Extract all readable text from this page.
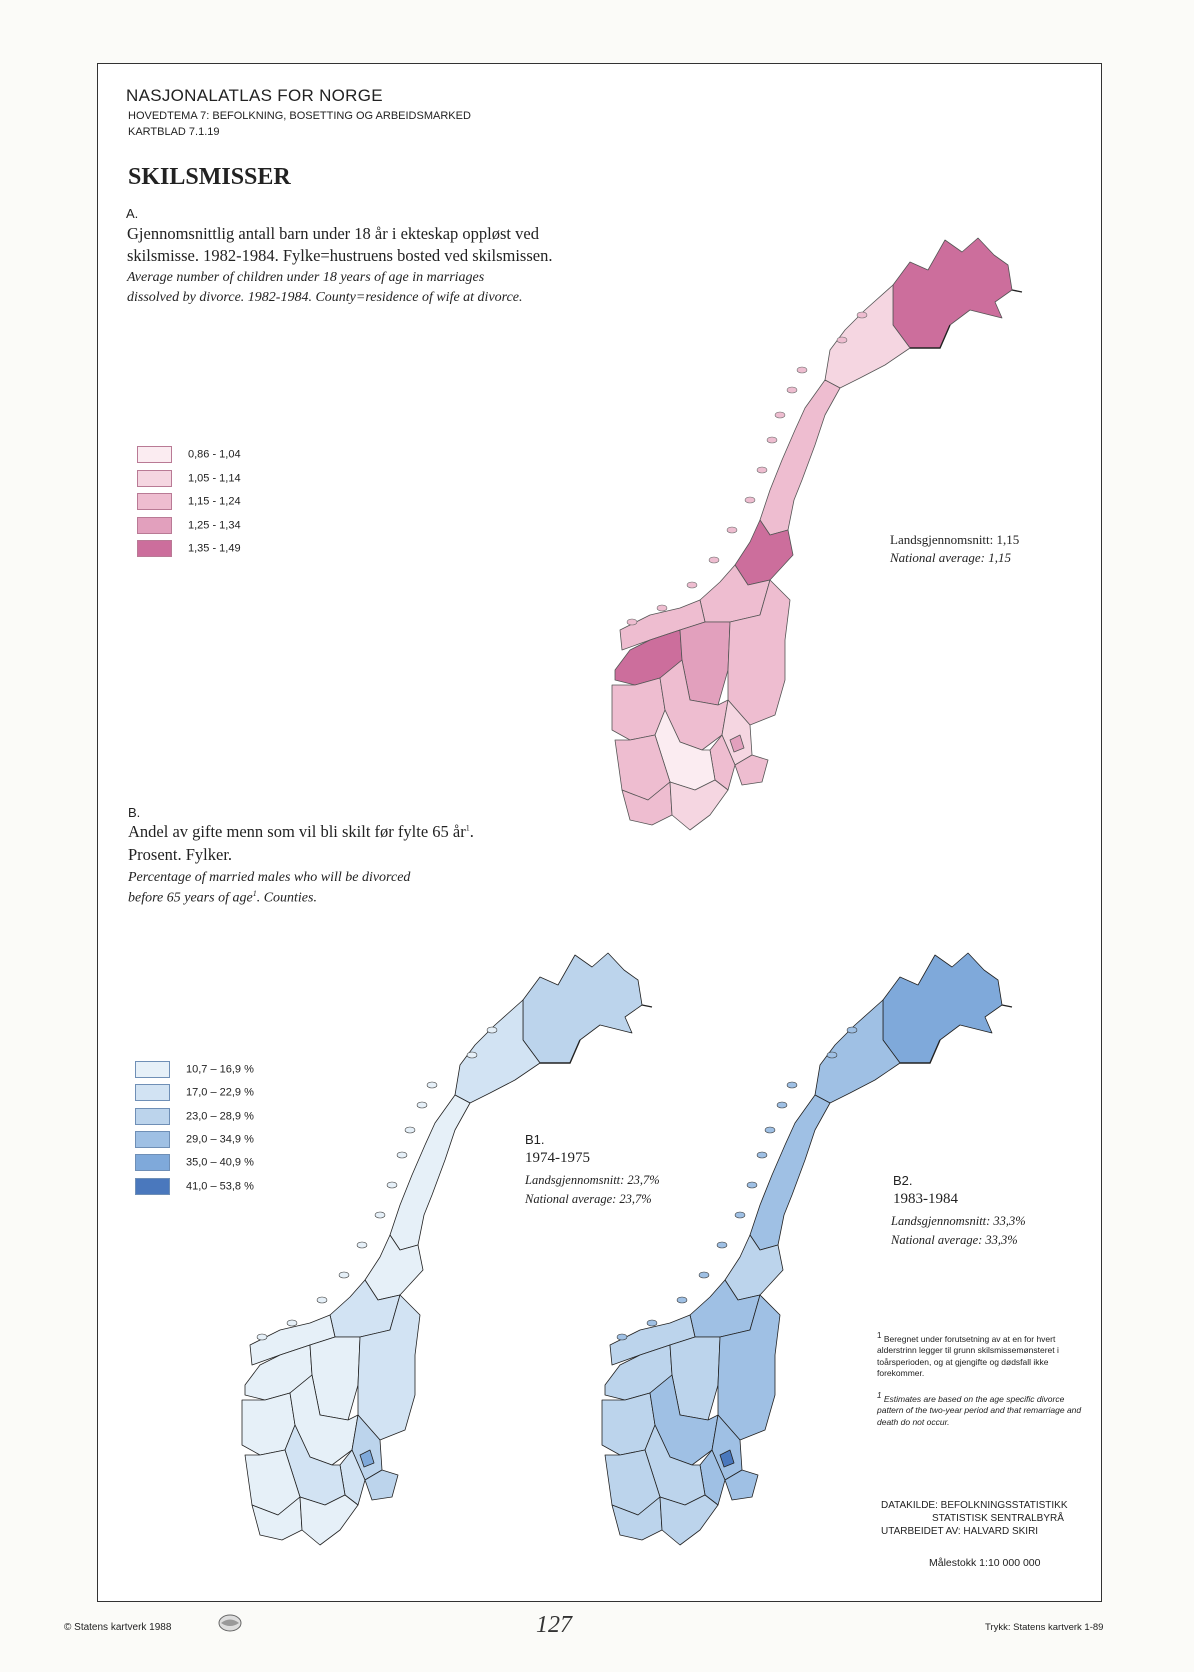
NASJONALATLAS FOR NORGE
HOVEDTEMA 7: BEFOLKNING, BOSETTING OG ARBEIDSMARKED
KARTBLAD 7.1.19
SKILSMISSER
A.
Gjennomsnittlig antall barn under 18 år i ekteskap oppløst ved
skilsmisse. 1982-1984. Fylke=hustruens bosted ved skilsmissen.
Average number of children under 18 years of age in marriages
dissolved by divorce. 1982-1984. County=residence of wife at divorce.
0,86 - 1,04
1,05 - 1,14
1,15 - 1,24
1,25 - 1,34
1,35 - 1,49
Landsgjennomsnitt: 1,15
National average: 1,15
B.
Andel av gifte menn som vil bli skilt før fylte 65 $år^1$.
Prosent. Fylker.
Percentage of married males who will be divorced
before 65 years of age$^1$. Counties.
10,7 – 16,9 %
17,0 – 22,9 %
23,0 – 28,9 %
29,0 – 34,9 %
35,0 – 40,9 %
41,0 – 53,8 %
B1.
1974-1975
Landsgjennomsnitt: 23,7%
National average: 23,7%
B2.
1983-1984
Landsgjennomsnitt: 33,3%
National average: 33,3%
1 Beregnet under forutsetning av at en for hvert alderstrinn legger til grunn skilsmissemønsteret i toårsperioden, og at gjengifte og dødsfall ikke forekommer.
1 Estimates are based on the age specific divorce pattern of the two-year period and that remarriage and death do not occur.
DATAKILDE: BEFOLKNINGSSTATISTIKK
STATISTISK SENTRALBYRÅ
UTARBEIDET AV: HALVARD SKIRI
Målestokk 1:10 000 000
© Statens kartverk 1988	127	Trykk: Statens kartverk 1-89
